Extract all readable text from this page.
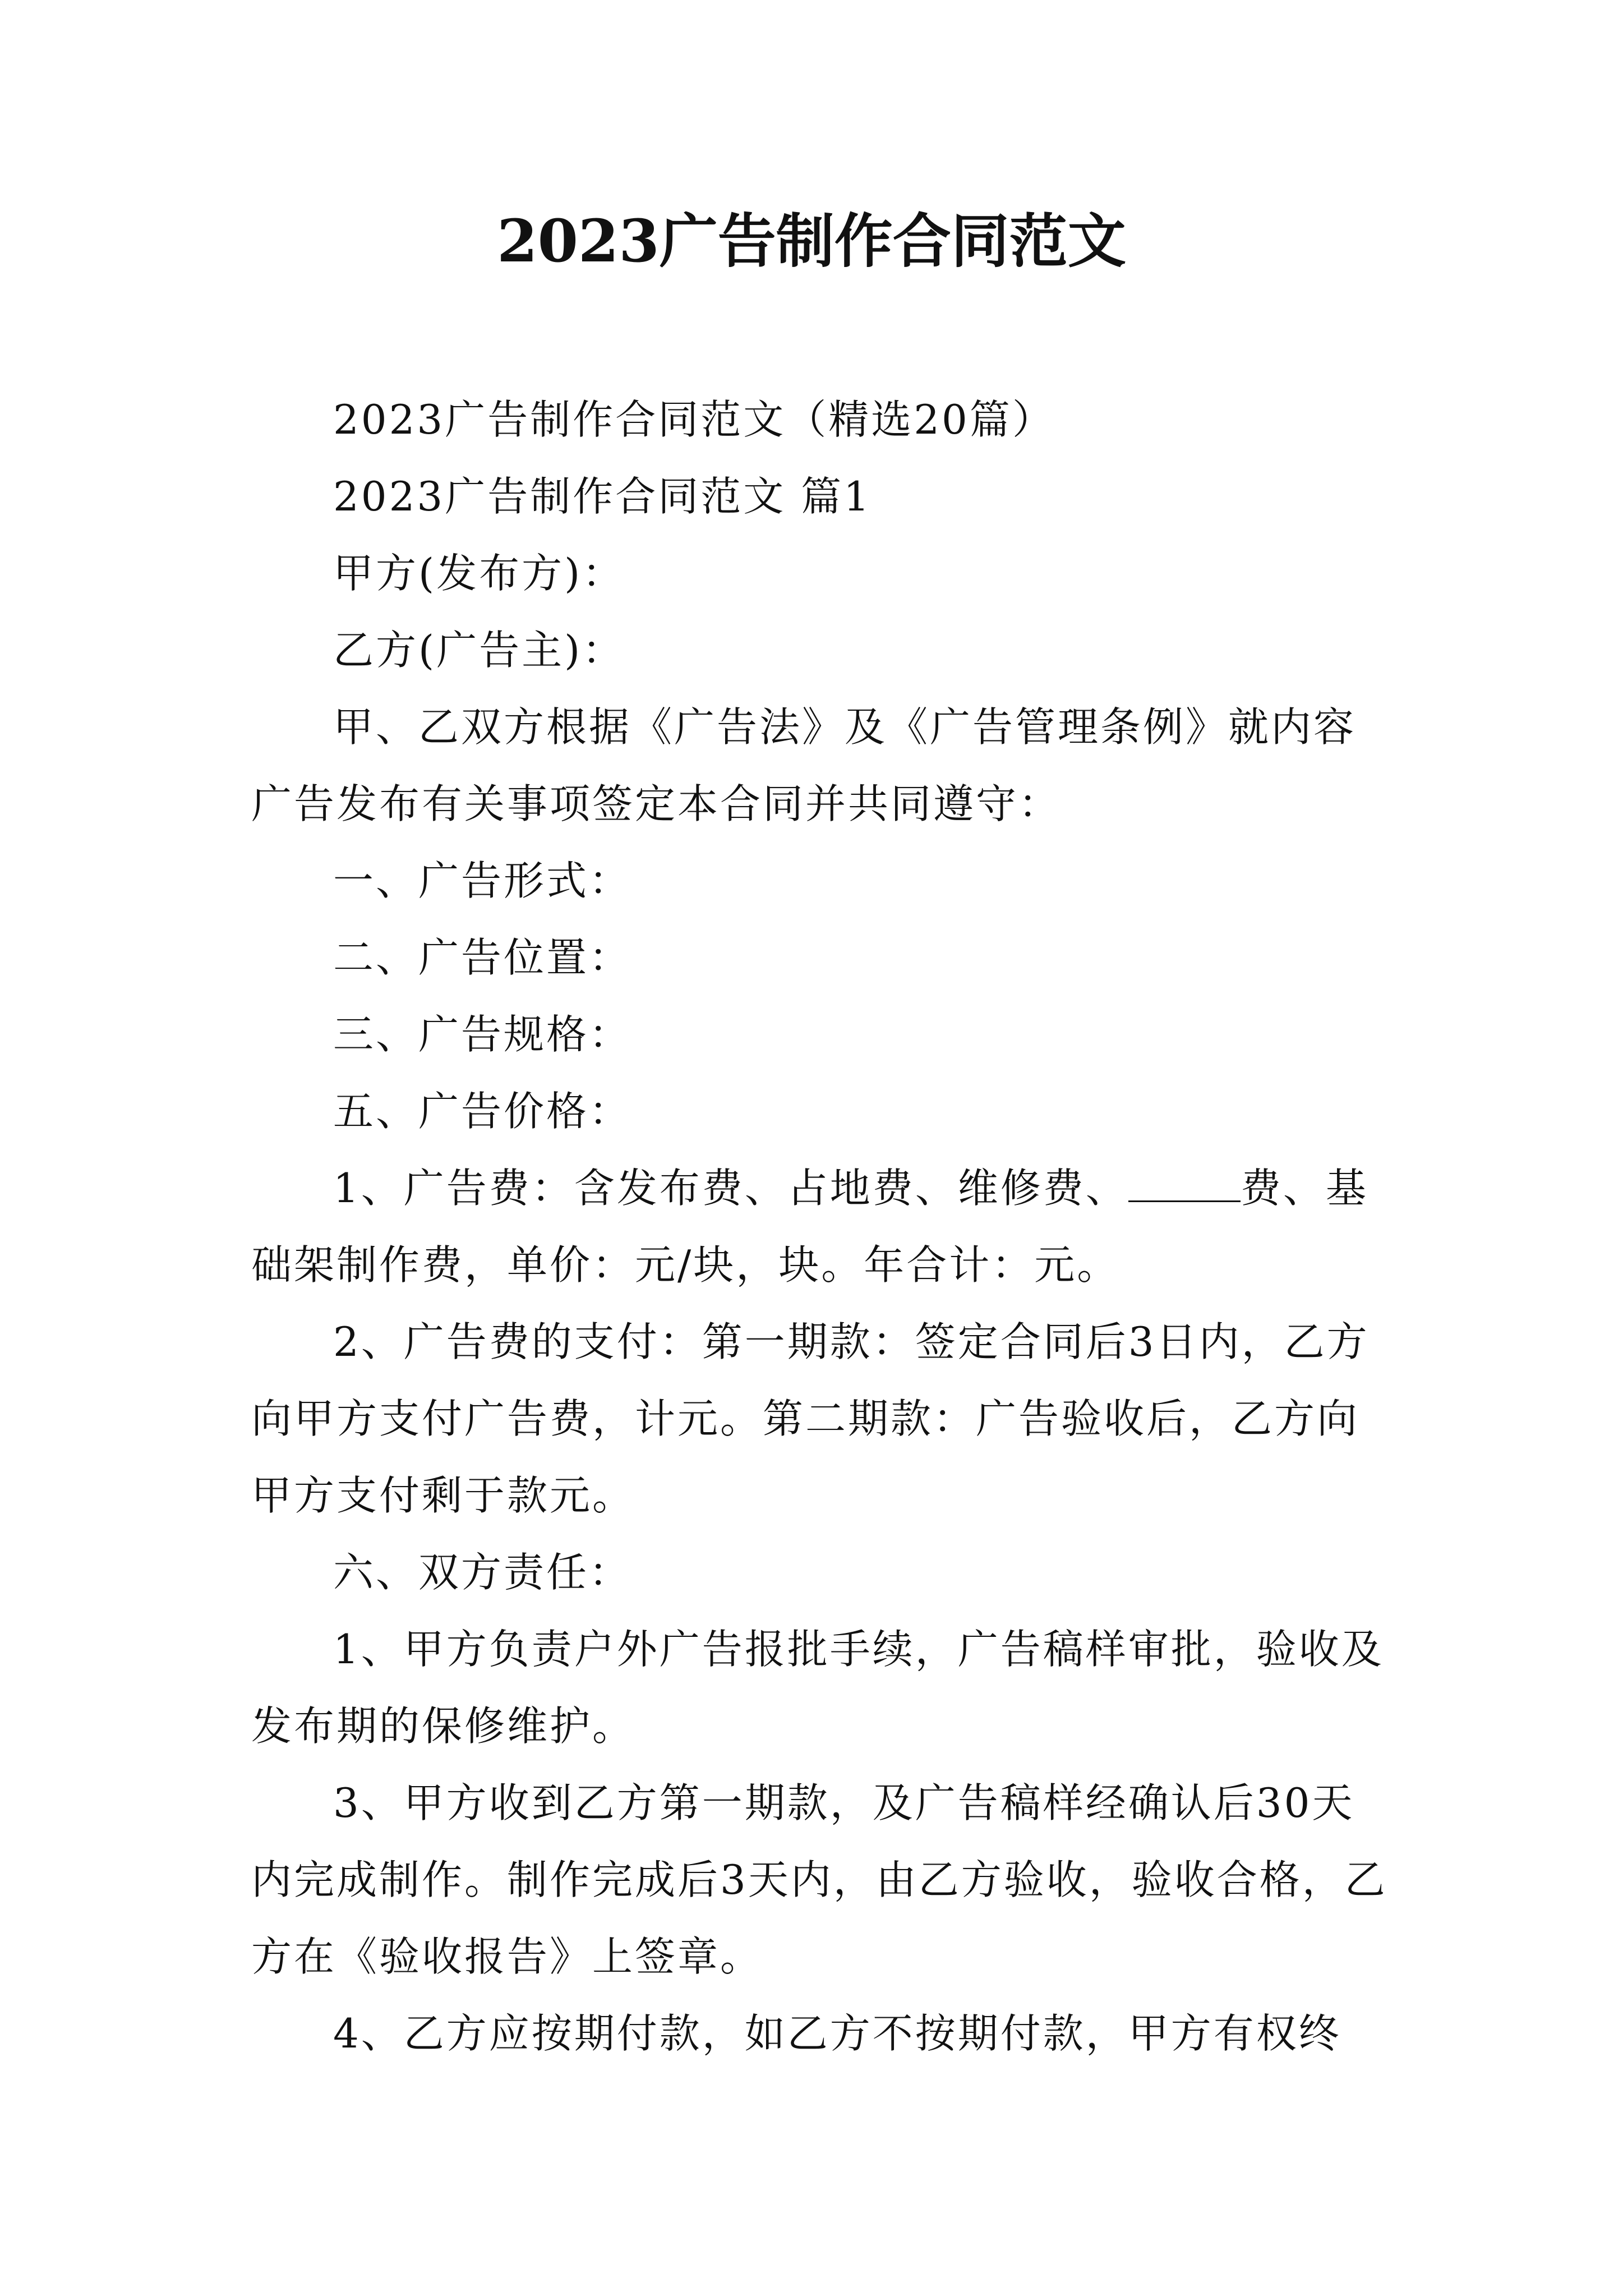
2023广告制作合同范文

2023广告制作合同范文（精选20篇）

2023广告制作合同范文 篇1

甲方(发布方)：

乙方(广告主)：

甲、乙双方根据《广告法》及《广告管理条例》就内容广告发布有关事项签定本合同并共同遵守：

一、广告形式：

二、广告位置：

三、广告规格：

五、广告价格：

1、广告费：含发布费、占地费、维修费、	费、基础架制作费，单价：元/块，块。年合计：元。

2、广告费的支付：第一期款：签定合同后3日内，乙方向甲方支付广告费，计元。第二期款：广告验收后，乙方向甲方支付剩于款元。

六、双方责任：

1、甲方负责户外广告报批手续，广告稿样审批，验收及发布期的保修维护。

3、甲方收到乙方第一期款，及广告稿样经确认后30天内完成制作。制作完成后3天内，由乙方验收，验收合格，乙方在《验收报告》上签章。

4、乙方应按期付款，如乙方不按期付款，甲方有权终
